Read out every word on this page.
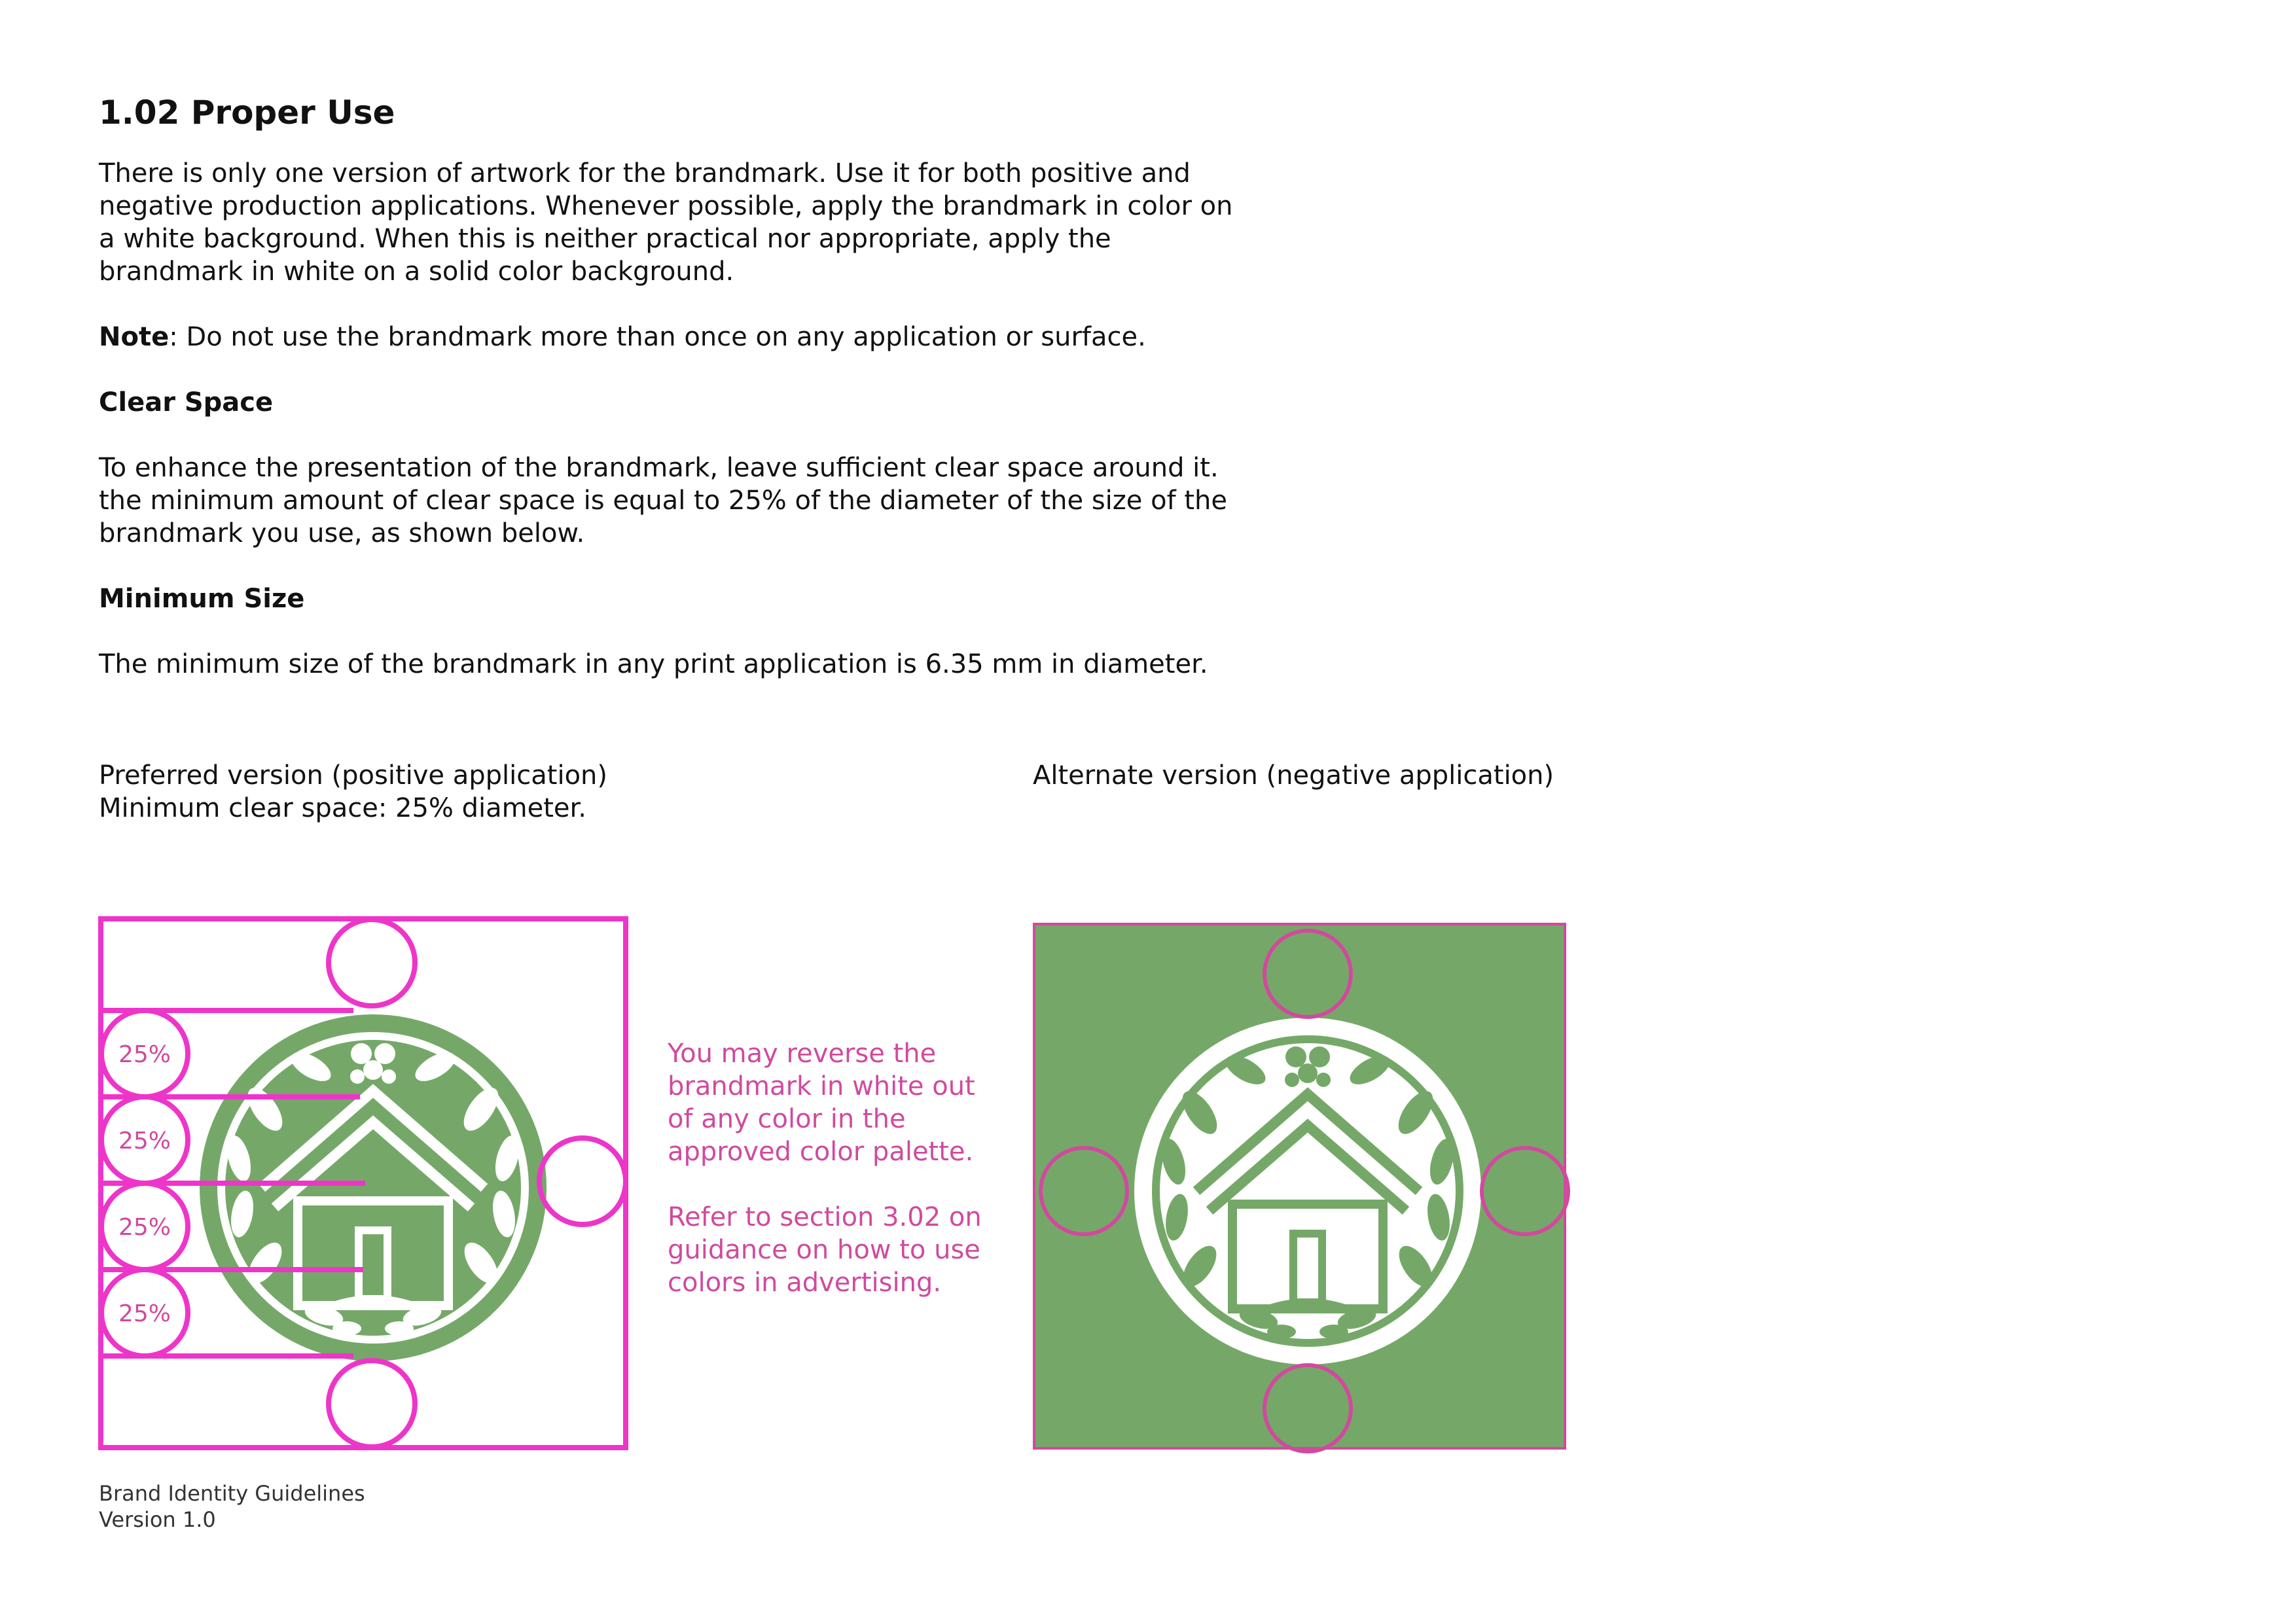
1.02 Proper Use

There is only one version of artwork for the brandmark. Use it for both positive and negative production applications. Whenever possible, apply the brandmark in color on a white background. When this is neither practical nor appropriate, apply the brandmark in white on a solid color background.

Note: Do not use the brandmark more than once on any application or surface.

Clear Space

To enhance the presentation of the brandmark, leave sufficient clear space around it. the minimum amount of clear space is equal to 25% of the diameter of the size of the brandmark you use, as shown below.

Minimum Size

The minimum size of the brandmark in any print application is 6.35 mm in diameter.

Preferred version (positive application)
Minimum clear space: 25% diameter.
Alternate version (negative application)
25%
25%
25%
25%

You may reverse the brandmark in white out of any color in the approved color palette.

Refer to section 3.02 on guidance on how to use colors in advertising.

Brand Identity Guidelines
Version 1.0
